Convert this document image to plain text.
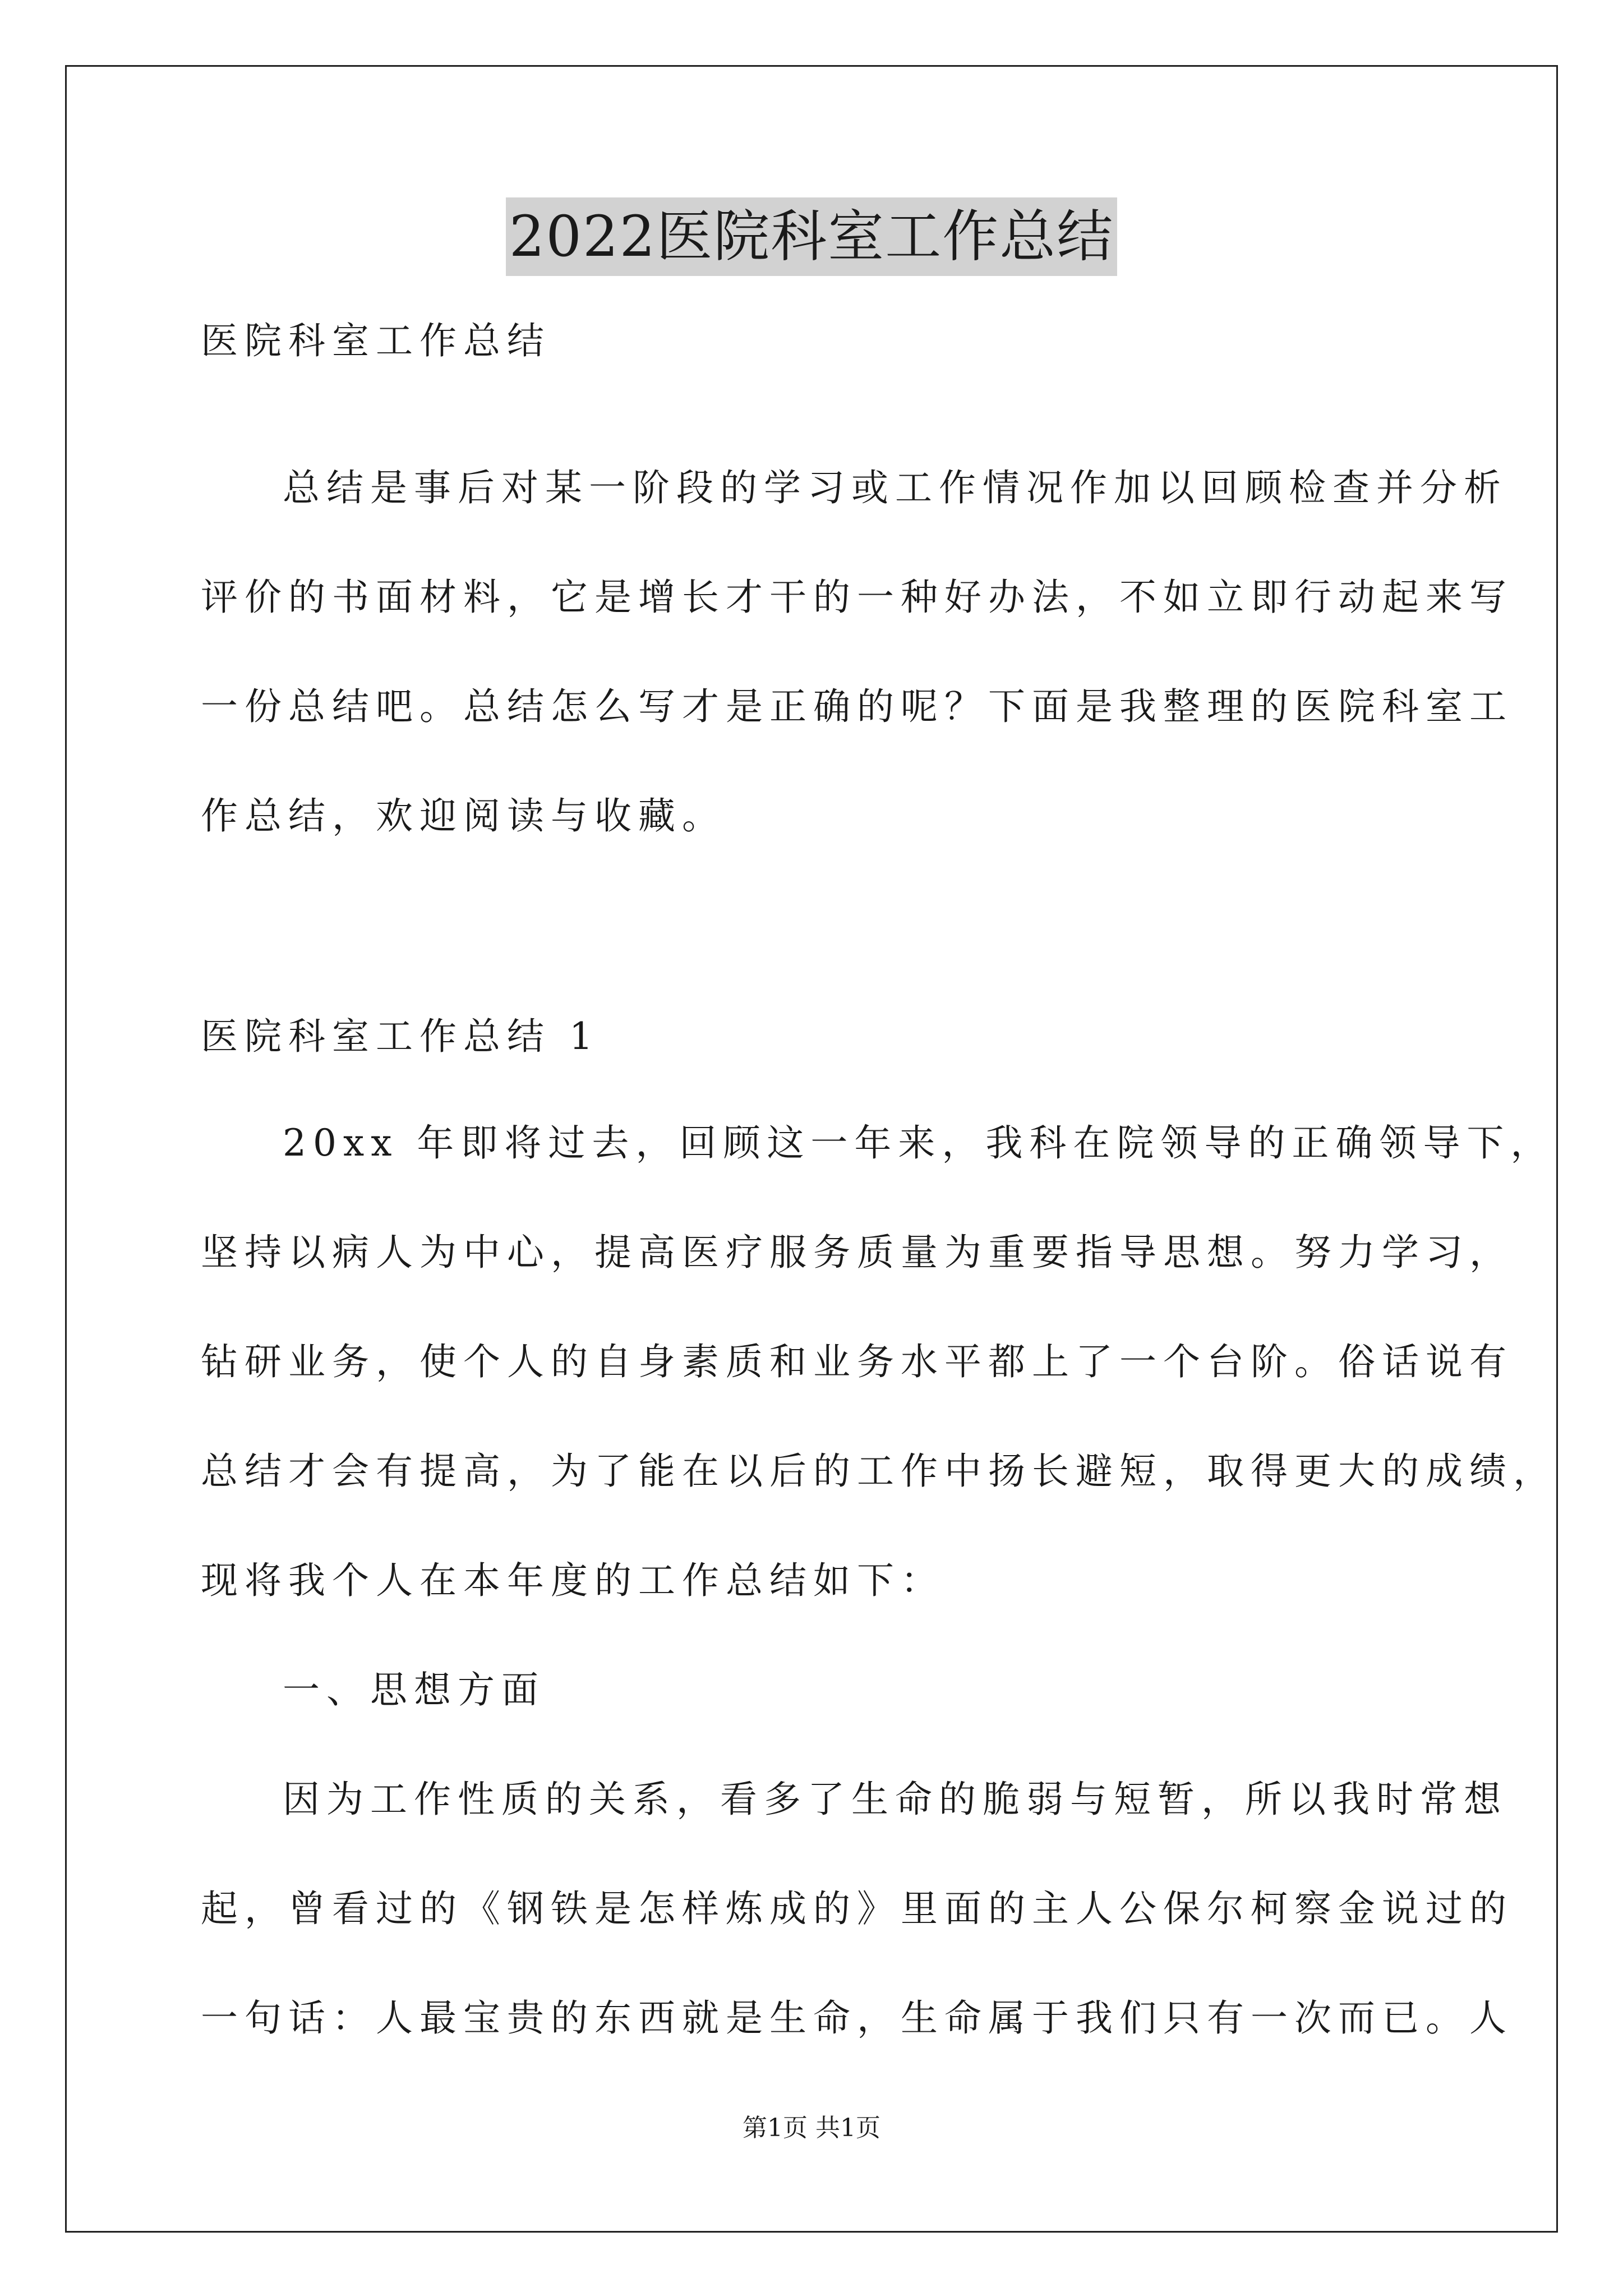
2022医院科室工作总结
医院科室工作总结
总结是事后对某一阶段的学习或工作情况作加以回顾检查并分析
评价的书面材料，它是增长才干的一种好办法，不如立即行动起来写
一份总结吧。总结怎么写才是正确的呢？下面是我整理的医院科室工
作总结，欢迎阅读与收藏。
医院科室工作总结 1
20xx 年即将过去，回顾这一年来，我科在院领导的正确领导下，
坚持以病人为中心，提高医疗服务质量为重要指导思想。努力学习，
钻研业务，使个人的自身素质和业务水平都上了一个台阶。俗话说有
总结才会有提高，为了能在以后的工作中扬长避短，取得更大的成绩，
现将我个人在本年度的工作总结如下：
一、思想方面
因为工作性质的关系，看多了生命的脆弱与短暂，所以我时常想
起，曾看过的《钢铁是怎样炼成的》里面的主人公保尔柯察金说过的
一句话：人最宝贵的东西就是生命，生命属于我们只有一次而已。人
第1页 共1页
